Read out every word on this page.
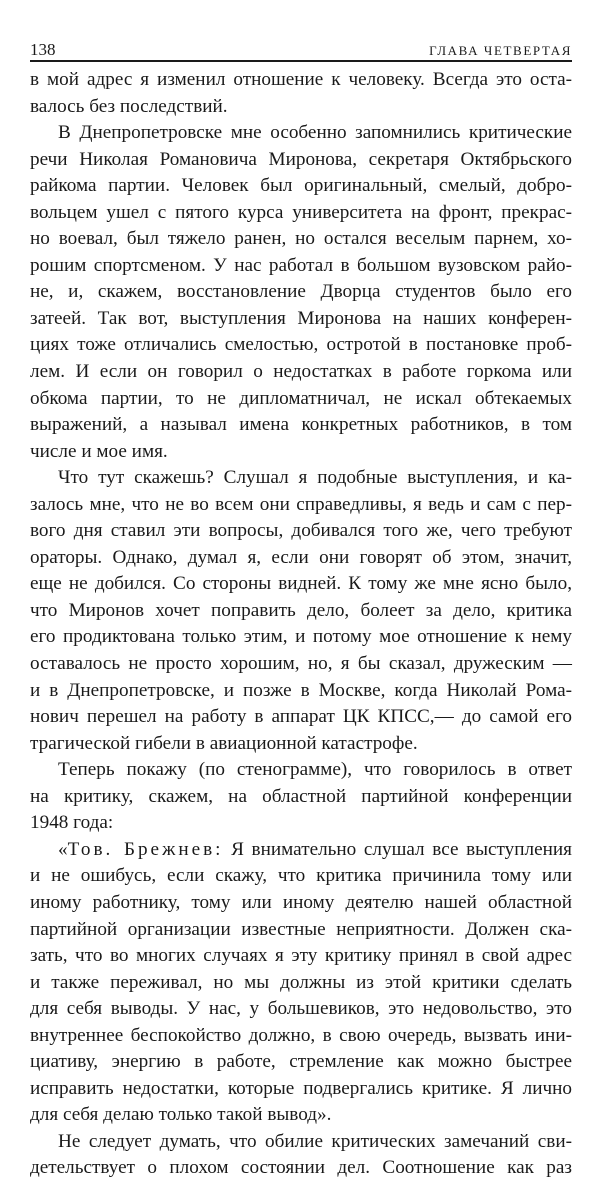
138	ГЛАВА ЧЕТВЕРТАЯ
в мой адрес я изменил отношение к человеку. Всегда это оста-
валось без последствий.
В Днепропетровске мне особенно запомнились критические
речи Николая Романовича Миронова, секретаря Октябрьского
райкома партии. Человек был оригинальный, смелый, добро-
вольцем ушел с пятого курса университета на фронт, прекрас-
но воевал, был тяжело ранен, но остался веселым парнем, хо-
рошим спортсменом. У нас работал в большом вузовском райо-
не, и, скажем, восстановление Дворца студентов было его
затеей. Так вот, выступления Миронова на наших конферен-
циях тоже отличались смелостью, остротой в постановке проб-
лем. И если он говорил о недостатках в работе горкома или
обкома партии, то не дипломатничал, не искал обтекаемых
выражений, а называл имена конкретных работников, в том
числе и мое имя.
Что тут скажешь? Слушал я подобные выступления, и ка-
залось мне, что не во всем они справедливы, я ведь и сам с пер-
вого дня ставил эти вопросы, добивался того же, чего требуют
ораторы. Однако, думал я, если они говорят об этом, значит,
еще не добился. Со стороны видней. К тому же мне ясно было,
что Миронов хочет поправить дело, болеет за дело, критика
его продиктована только этим, и потому мое отношение к нему
оставалось не просто хорошим, но, я бы сказал, дружеским —
и в Днепропетровске, и позже в Москве, когда Николай Рома-
нович перешел на работу в аппарат ЦК КПСС,— до самой его
трагической гибели в авиационной катастрофе.
Теперь покажу (по стенограмме), что говорилось в ответ
на критику, скажем, на областной партийной конференции
1948 года:
«Тов. Брежнев: Я внимательно слушал все выступления
и не ошибусь, если скажу, что критика причинила тому или
иному работнику, тому или иному деятелю нашей областной
партийной организации известные неприятности. Должен ска-
зать, что во многих случаях я эту критику принял в свой адрес
и также переживал, но мы должны из этой критики сделать
для себя выводы. У нас, у большевиков, это недовольство, это
внутреннее беспокойство должно, в свою очередь, вызвать ини-
циативу, энергию в работе, стремление как можно быстрее
исправить недостатки, которые подвергались критике. Я лично
для себя делаю только такой вывод».
Не следует думать, что обилие критических замечаний сви-
детельствует о плохом состоянии дел. Соотношение как раз
